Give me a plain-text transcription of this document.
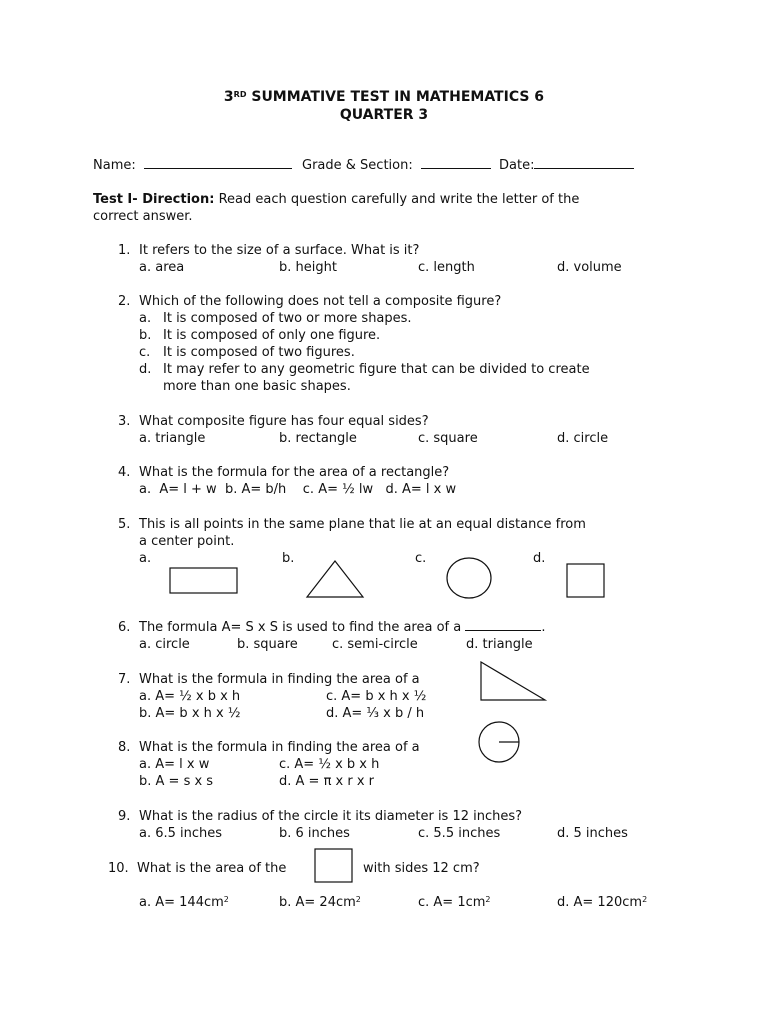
3RD SUMMATIVE TEST IN MATHEMATICS 6
QUARTER 3
Name:	Grade & Section:	Date:
Test I- Direction: Read each question carefully and write the letter of the
correct answer.
1. It refers to the size of a surface. What is it?
a. area	b. height	c. length	d. volume
2. Which of the following does not tell a composite figure?
a. It is composed of two or more shapes.
b. It is composed of only one figure.
c. It is composed of two figures.
d. It may refer to any geometric figure that can be divided to create
more than one basic shapes.
3. What composite figure has four equal sides?
a. triangle	b. rectangle	c. square	d. circle
4. What is the formula for the area of a rectangle?
a.  A= l + w  b. A= b/h    c. A= ½ lw   d. A= l x w
5. This is all points in the same plane that lie at an equal distance from
a center point.
a.	b.	c.	d.
6. The formula A= S x S is used to find the area of a	.
a. circle	b. square	c. semi-circle	d. triangle
7. What is the formula in finding the area of a
a. A= ½ x b x h	c. A= b x h x ½
b. A= b x h x ½	d. A= ⅓ x b / h
8. What is the formula in finding the area of a
a. A= l x w	c. A= ½ x b x h
b. A = s x s	d. A = π x r x r
9. What is the radius of the circle it its diameter is 12 inches?
a. 6.5 inches	b. 6 inches	c. 5.5 inches	d. 5 inches
10. What is the area of the	with sides 12 cm?
a. $A= 144cm^2$	b. $A= 24cm^2$	c. $A= 1cm^2$	d. $A= 120cm^2$
